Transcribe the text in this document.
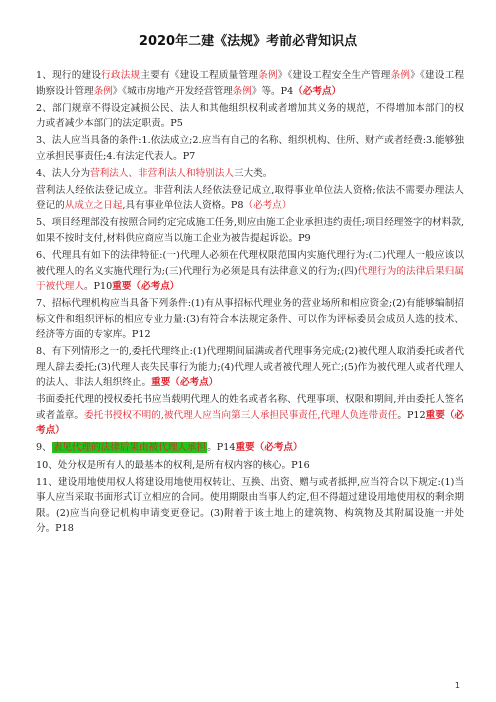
2020年二建《法规》考前必背知识点

1、现行的建设行政法规主要有《建设工程质量管理条例》《建设工程安全生产管理条例》《建设工程勘察设计管理条例》《城市房地产开发经营管理条例》等。P4（必考点）

2、部门规章不得设定减损公民、法人和其他组织权利或者增加其义务的规范，不得增加本部门的权力或者减少本部门的法定职责。P5

3、法人应当具备的条件:1.依法成立;2.应当有自己的名称、组织机构、住所、财产或者经费:3.能够独立承担民事责任;4.有法定代表人。P7

4、法人分为营利法人、非营利法人和特别法人三大类。

营利法人经依法登记成立。非营利法人经依法登记成立,取得事业单位法人资格;依法不需要办理法人登记的从成立之日起,具有事业单位法人资格。P8（必考点）

5、项目经理部没有按照合同约定完成施工任务,则应由施工企业承担违约责任;项目经理签字的材料款,如果不按时支付,材料供应商应当以施工企业为被告提起诉讼。P9

6、代理具有如下的法律特征:(一)代理人必须在代理权限范围内实施代理行为:(二)代理人一般应该以被代理人的名义实施代理行为;(三)代理行为必须是具有法律意义的行为;(四)代理行为的法律后果归属于被代理人。P10重要（必考点）

7、招标代理机构应当具备下列条件:(1)有从事招标代理业务的营业场所和相应资金;(2)有能够编制招标文件和组织评标的相应专业力量:(3)有符合本法规定条件、可以作为评标委员会成员人选的技术、经济等方面的专家库。P12

8、有下列情形之一的,委托代理终止:(1)代理期间届满或者代理事务完成;(2)被代理人取消委托或者代理人辞去委托;(3)代理人丧失民事行为能力;(4)代理人或者被代理人死亡;(5)作为被代理人或者代理人的法人、非法人组织终止。重要（必考点）

书面委托代理的授权委托书应当载明代理人的姓名或者名称、代理事项、权限和期间,并由委托人签名或者盖章。委托书授权不明的,被代理人应当向第三人承担民事责任,代理人负连带责任。P12重要（必考点）

9、表见代理的法律后果由被代理人承担。P14重要（必考点）

10、处分权是所有人的最基本的权利,是所有权内容的核心。P16

11、建设用地使用权人将建设用地使用权转让、互换、出资、赠与或者抵押,应当符合以下规定:(1)当事人应当采取书面形式订立相应的合同。使用期限由当事人约定,但不得超过建设用地使用权的剩余期限。(2)应当向登记机构申请变更登记。(3)附着于该土地上的建筑物、构筑物及其附属设施一并处分。P18

1
